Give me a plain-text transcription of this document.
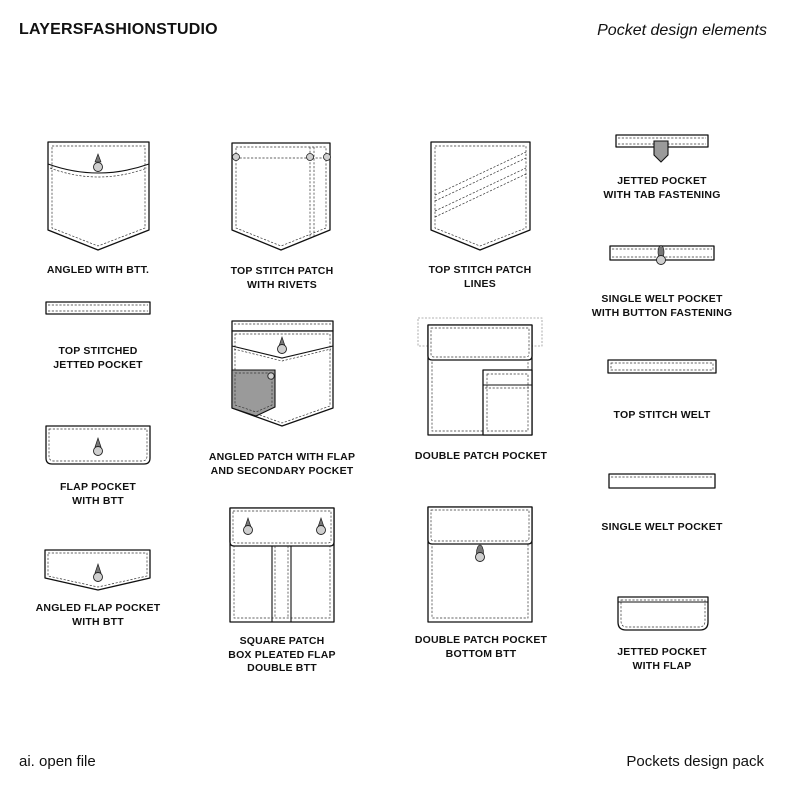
LAYERSFASHIONSTUDIO	Pocket design elements
ANGLED WITH BTT.
TOP STITCHED
JETTED POCKET
FLAP POCKET
WITH BTT
ANGLED FLAP POCKET
WITH BTT
TOP STITCH PATCH
WITH RIVETS
ANGLED PATCH WITH FLAP
AND SECONDARY POCKET
SQUARE PATCH
BOX PLEATED FLAP
DOUBLE BTT
TOP STITCH PATCH
LINES
DOUBLE PATCH POCKET
DOUBLE PATCH POCKET
BOTTOM BTT
JETTED POCKET
WITH TAB FASTENING
SINGLE WELT POCKET
WITH BUTTON FASTENING
TOP STITCH WELT
SINGLE WELT POCKET
JETTED POCKET
WITH FLAP
ai. open file	Pockets design pack
